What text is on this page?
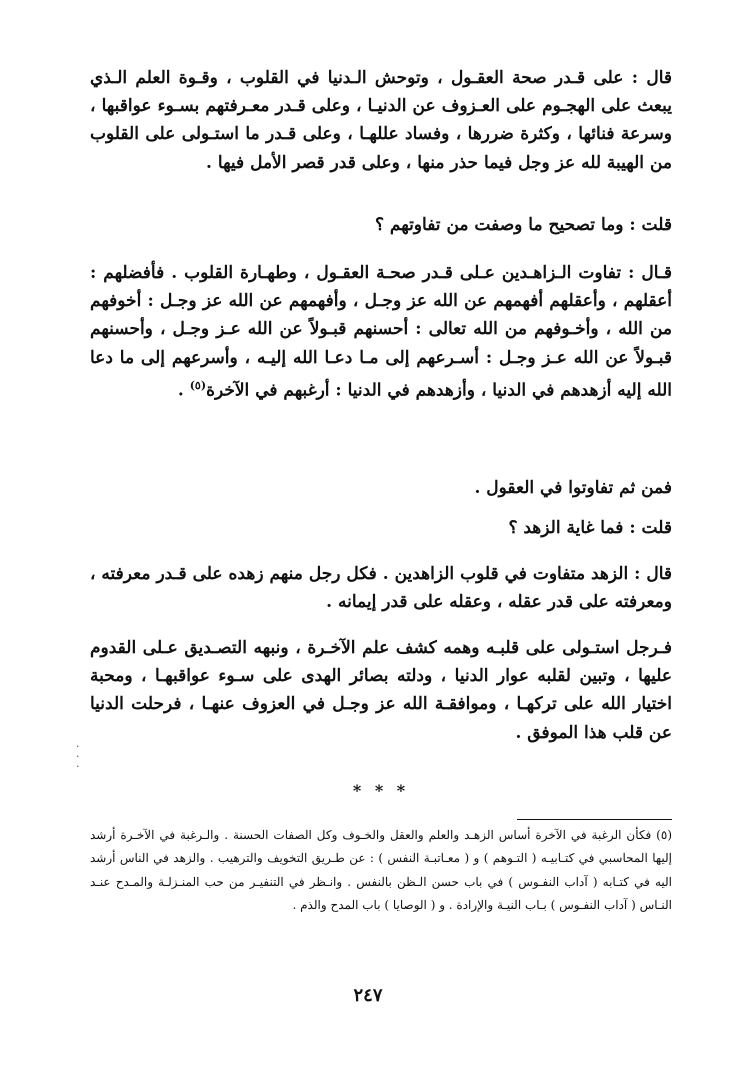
قال : على قـدر صحة العقـول ، وتوحش الـدنيا في القلوب ، وقـوة العلم الـذي يبعث على الهجـوم على العـزوف عن الدنيـا ، وعلى قـدر معـرفتهم بسـوء عواقبها ، وسرعة فنائها ، وكثرة ضررها ، وفساد عللهـا ، وعلى قـدر ما استـولى على القلوب من الهيبة لله عز وجل فيما حذر منها ، وعلى قدر قصر الأمل فيها .

قلت : وما تصحيح ما وصفت من تفاوتهم ؟

قـال : تفاوت الـزاهـدين عـلى قـدر صحـة العقـول ، وطهـارة القلوب . فأفضلهم : أعقلهم ، وأعقلهم أفهمهم عن الله عز وجـل ، وأفهمهم عن الله عز وجـل : أخوفهم من الله ، وأخـوفهم من الله تعالى : أحسنهم قبـولاً عن الله عـز وجـل ، وأحسنهم قبـولاً عن الله عـز وجـل : أسـرعهم إلى مـا دعـا الله إليـه ، وأسرعهم إلى ما دعا الله إليه أزهدهم في الدنيا ، وأزهدهم في الدنيا : أرغبهم في الآخرة$^{(٥)}$ .

فمن ثم تفاوتوا في العقول .

قلت : فما غاية الزهد ؟

قال : الزهد متفاوت في قلوب الزاهدين . فكل رجل منهم زهده على قـدر معرفته ، ومعرفته على قدر عقله ، وعقله على قدر إيمانه .

فـرجل استـولى على قلبـه وهمه كشف علم الآخـرة ، ونبهه التصـديق عـلى القدوم عليها ، وتبين لقلبه عوار الدنيا ، ودلته بصائر الهدى على سـوء عواقبهـا ، ومحبة اختيار الله على تركهـا ، وموافقـة الله عز وجـل في العزوف عنهـا ، فرحلت الدنيا عن قلب هذا الموفق .

·
·
·
* * *

(٥) فكأن الرغبة في الآخرة أساس الزهـد والعلم والعقل والخـوف وكل الصفات الحسنة . والـرغبة في الآخـرة أرشد إليها المحاسبي في كتـابيـه ( التـوهم ) و ( معـاتبـة النفس ) : عن طـريق التخويف والترهيب . والزهد في الناس أرشد اليه في كتـابه ( آداب النفـوس ) في باب حسن الـظن بالنفس . وانـظر في التنفيـر من حب المنـزلـة والمـدح عنـد النـاس ( آداب النفـوس ) بـاب النيـة والإرادة . و ( الوصايا ) باب المدح والذم .

٢٤٧
